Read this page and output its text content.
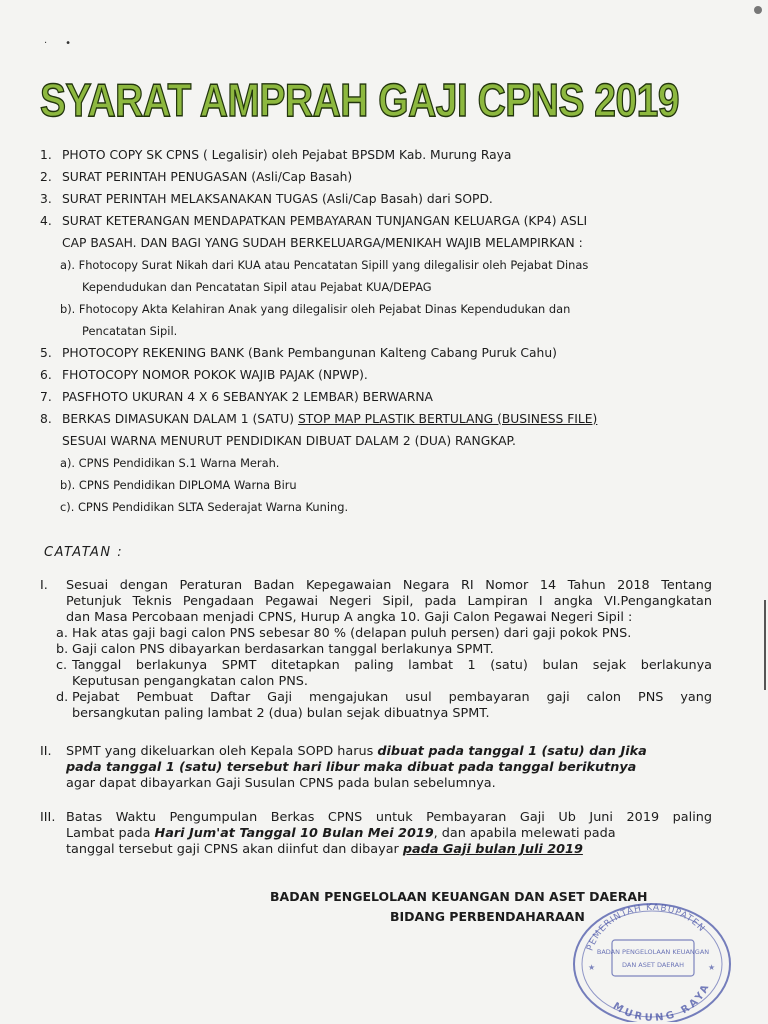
·•
SYARAT AMPRAH GAJI CPNS 2019
1. PHOTO COPY SK CPNS ( Legalisir) oleh Pejabat BPSDM Kab. Murung Raya
2. SURAT PERINTAH PENUGASAN (Asli/Cap Basah)
3. SURAT PERINTAH MELAKSANAKAN TUGAS (Asli/Cap Basah) dari SOPD.
4. SURAT KETERANGAN MENDAPATKAN PEMBAYARAN TUNJANGAN KELUARGA (KP4) ASLI
CAP BASAH. DAN BAGI YANG SUDAH BERKELUARGA/MENIKAH WAJIB MELAMPIRKAN :
a). Fhotocopy Surat Nikah dari KUA atau Pencatatan Sipill yang dilegalisir oleh Pejabat Dinas
Kependudukan dan Pencatatan Sipil atau Pejabat KUA/DEPAG
b). Fhotocopy Akta Kelahiran Anak yang dilegalisir oleh Pejabat Dinas Kependudukan dan
Pencatatan Sipil.
5. PHOTOCOPY REKENING BANK (Bank Pembangunan Kalteng Cabang Puruk Cahu)
6. FHOTOCOPY NOMOR POKOK WAJIB PAJAK (NPWP).
7. PASFHOTO UKURAN 4 X 6 SEBANYAK 2 LEMBAR) BERWARNA
8. BERKAS DIMASUKAN DALAM 1 (SATU) STOP MAP PLASTIK BERTULANG (BUSINESS FILE)
SESUAI WARNA MENURUT PENDIDIKAN DIBUAT DALAM 2 (DUA) RANGKAP.
a). CPNS Pendidikan S.1 Warna Merah.
b). CPNS Pendidikan DIPLOMA Warna Biru
c). CPNS Pendidikan SLTA Sederajat Warna Kuning.
CATATAN :
I.	Sesuai dengan Peraturan Badan Kepegawaian Negara RI Nomor 14 Tahun 2018 Tentang

Petunjuk Teknis Pengadaan Pegawai Negeri Sipil, pada Lampiran I angka VI.Pengangkatan

dan Masa Percobaan menjadi CPNS, Hurup A angka 10. Gaji Calon Pegawai Negeri Sipil :

a. Hak atas gaji bagi calon PNS sebesar 80 % (delapan puluh persen) dari gaji pokok PNS.
b. Gaji calon PNS dibayarkan berdasarkan tanggal berlakunya SPMT.
c. Tanggal berlakunya SPMT ditetapkan paling lambat 1 (satu) bulan sejak berlakunya
Keputusan pengangkatan calon PNS.
d. Pejabat Pembuat Daftar Gaji mengajukan usul pembayaran gaji calon PNS yang
bersangkutan paling lambat 2 (dua) bulan sejak dibuatnya SPMT.
II.	SPMT yang dikeluarkan oleh Kepala SOPD harus dibuat pada tanggal 1 (satu) dan Jika

pada tanggal 1 (satu) tersebut hari libur maka dibuat pada tanggal berikutnya

agar dapat dibayarkan Gaji Susulan CPNS pada bulan sebelumnya.

III. Batas Waktu Pengumpulan Berkas CPNS untuk Pembayaran Gaji Ub Juni 2019 paling

Lambat pada Hari Jum'at Tanggal 10 Bulan Mei 2019, dan apabila melewati pada

tanggal tersebut gaji CPNS akan diinfut dan dibayar pada Gaji bulan Juli 2019

BADAN PENGELOLAAN KEUANGAN DAN ASET DAERAH
BIDANG PERBENDAHARAAN
PEMERINTAH KABUPATEN
MURUNG RAYA
BADAN PENGELOLAAN KEUANGAN
DAN ASET DAERAH
★	★
